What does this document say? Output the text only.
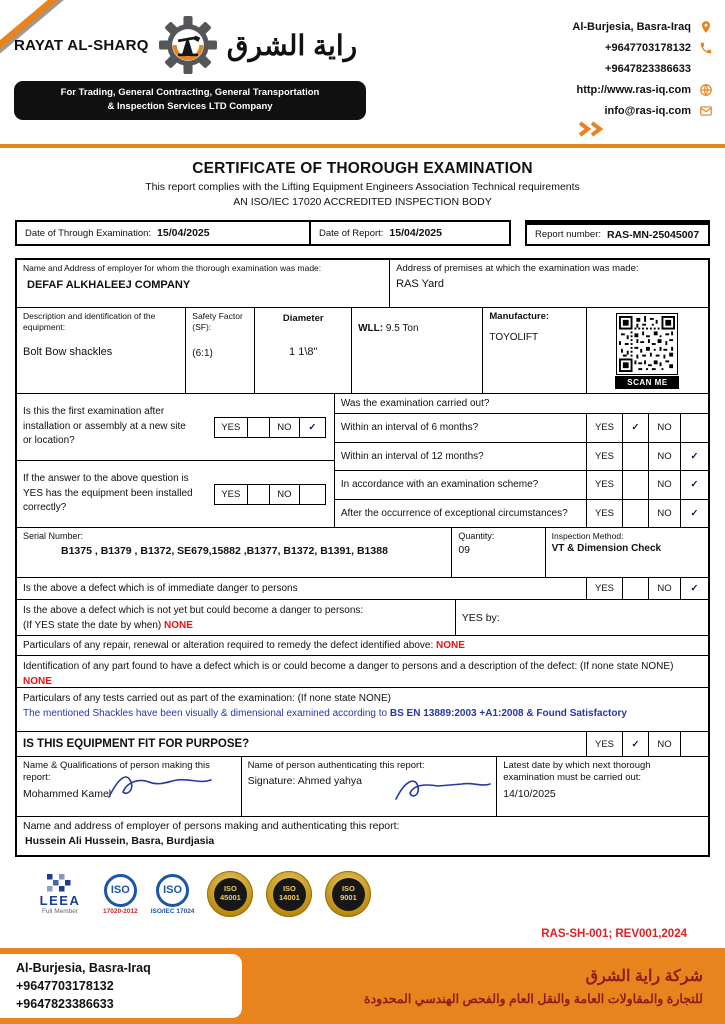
RAYAT AL-SHARQ	راية الشرق
For Trading, General Contracting, General Transportation
& Inspection Services LTD Company
Al-Burjesia, Basra-Iraq
+9647703178132
+9647823386633
http://www.ras-iq.com
info@ras-iq.com
CERTIFICATE OF THOROUGH EXAMINATION
This report complies with the Lifting Equipment Engineers Association Technical requirements
AN ISO/IEC 17020 ACCREDITED INSPECTION BODY
Date of Through Examination: 15/04/2025	Date of Report: 15/04/2025	Report number: RAS-MN-25045007
Name and Address of employer for whom the thorough examination was made:
DEFAF ALKHALEEJ COMPANY
Address of premises at which the examination was made:
RAS Yard
Description and identification of the equipment:
Bolt Bow shackles
Safety Factor (SF):
(6:1)
Diameter
1 1\8"
WLL: 9.5 Ton
Manufacture:
TOYOLIFT
SCAN ME
Is this the first examination after installation or assembly at a new site or location?
YES	NO	✓
If the answer to the above question is YES has the equipment been installed correctly?
YES	NO
Was the examination carried out?
Within an interval of 6 months?	YES	✓	NO
Within an interval of 12 months?	YES	NO	✓
In accordance with an examination scheme?	YES	NO	✓
After the occurrence of exceptional circumstances?	YES	NO	✓
Serial Number:
B1375 , B1379 , B1372, SE679,15882 ,B1377, B1372, B1391, B1388
Quantity:
09
Inspection Method:
VT & Dimension Check
Is the above a defect which is of immediate danger to persons	YES	NO	✓
Is the above a defect which is not yet but could become a danger to persons:
(If YES state the date by when) NONE
YES by:
Particulars of any repair, renewal or alteration required to remedy the defect identified above: NONE
Identification of any part found to have a defect which is or could become a danger to persons and a description of the defect: (If none state NONE) NONE
Particulars of any tests carried out as part of the examination: (If none state NONE)
The mentioned Shackles have been visually & dimensional examined according to BS EN 13889:2003 +A1:2008 & Found Satisfactory
IS THIS EQUIPMENT FIT FOR PURPOSE?	YES	✓	NO
Name & Qualifications of person making this report:
Mohammed Kamel
Name of person authenticating this report:
Signature: Ahmed yahya
Latest date by which next thorough examination must be carried out:
14/10/2025
Name and address of employer of persons making and authenticating this report:
Hussein Ali Hussein, Basra, Burdjasia
LEEA
Full Member
ISO
17020-2012
ISO
ISO/IEC 17024
ISO 45001
ISO 14001
ISO 9001
RAS-SH-001; REV001,2024
Al-Burjesia, Basra-Iraq
+9647703178132
+9647823386633
شركة راية الشرق
للتجارة والمقاولات العامة والنقل العام والفحص الهندسي المحدودة
